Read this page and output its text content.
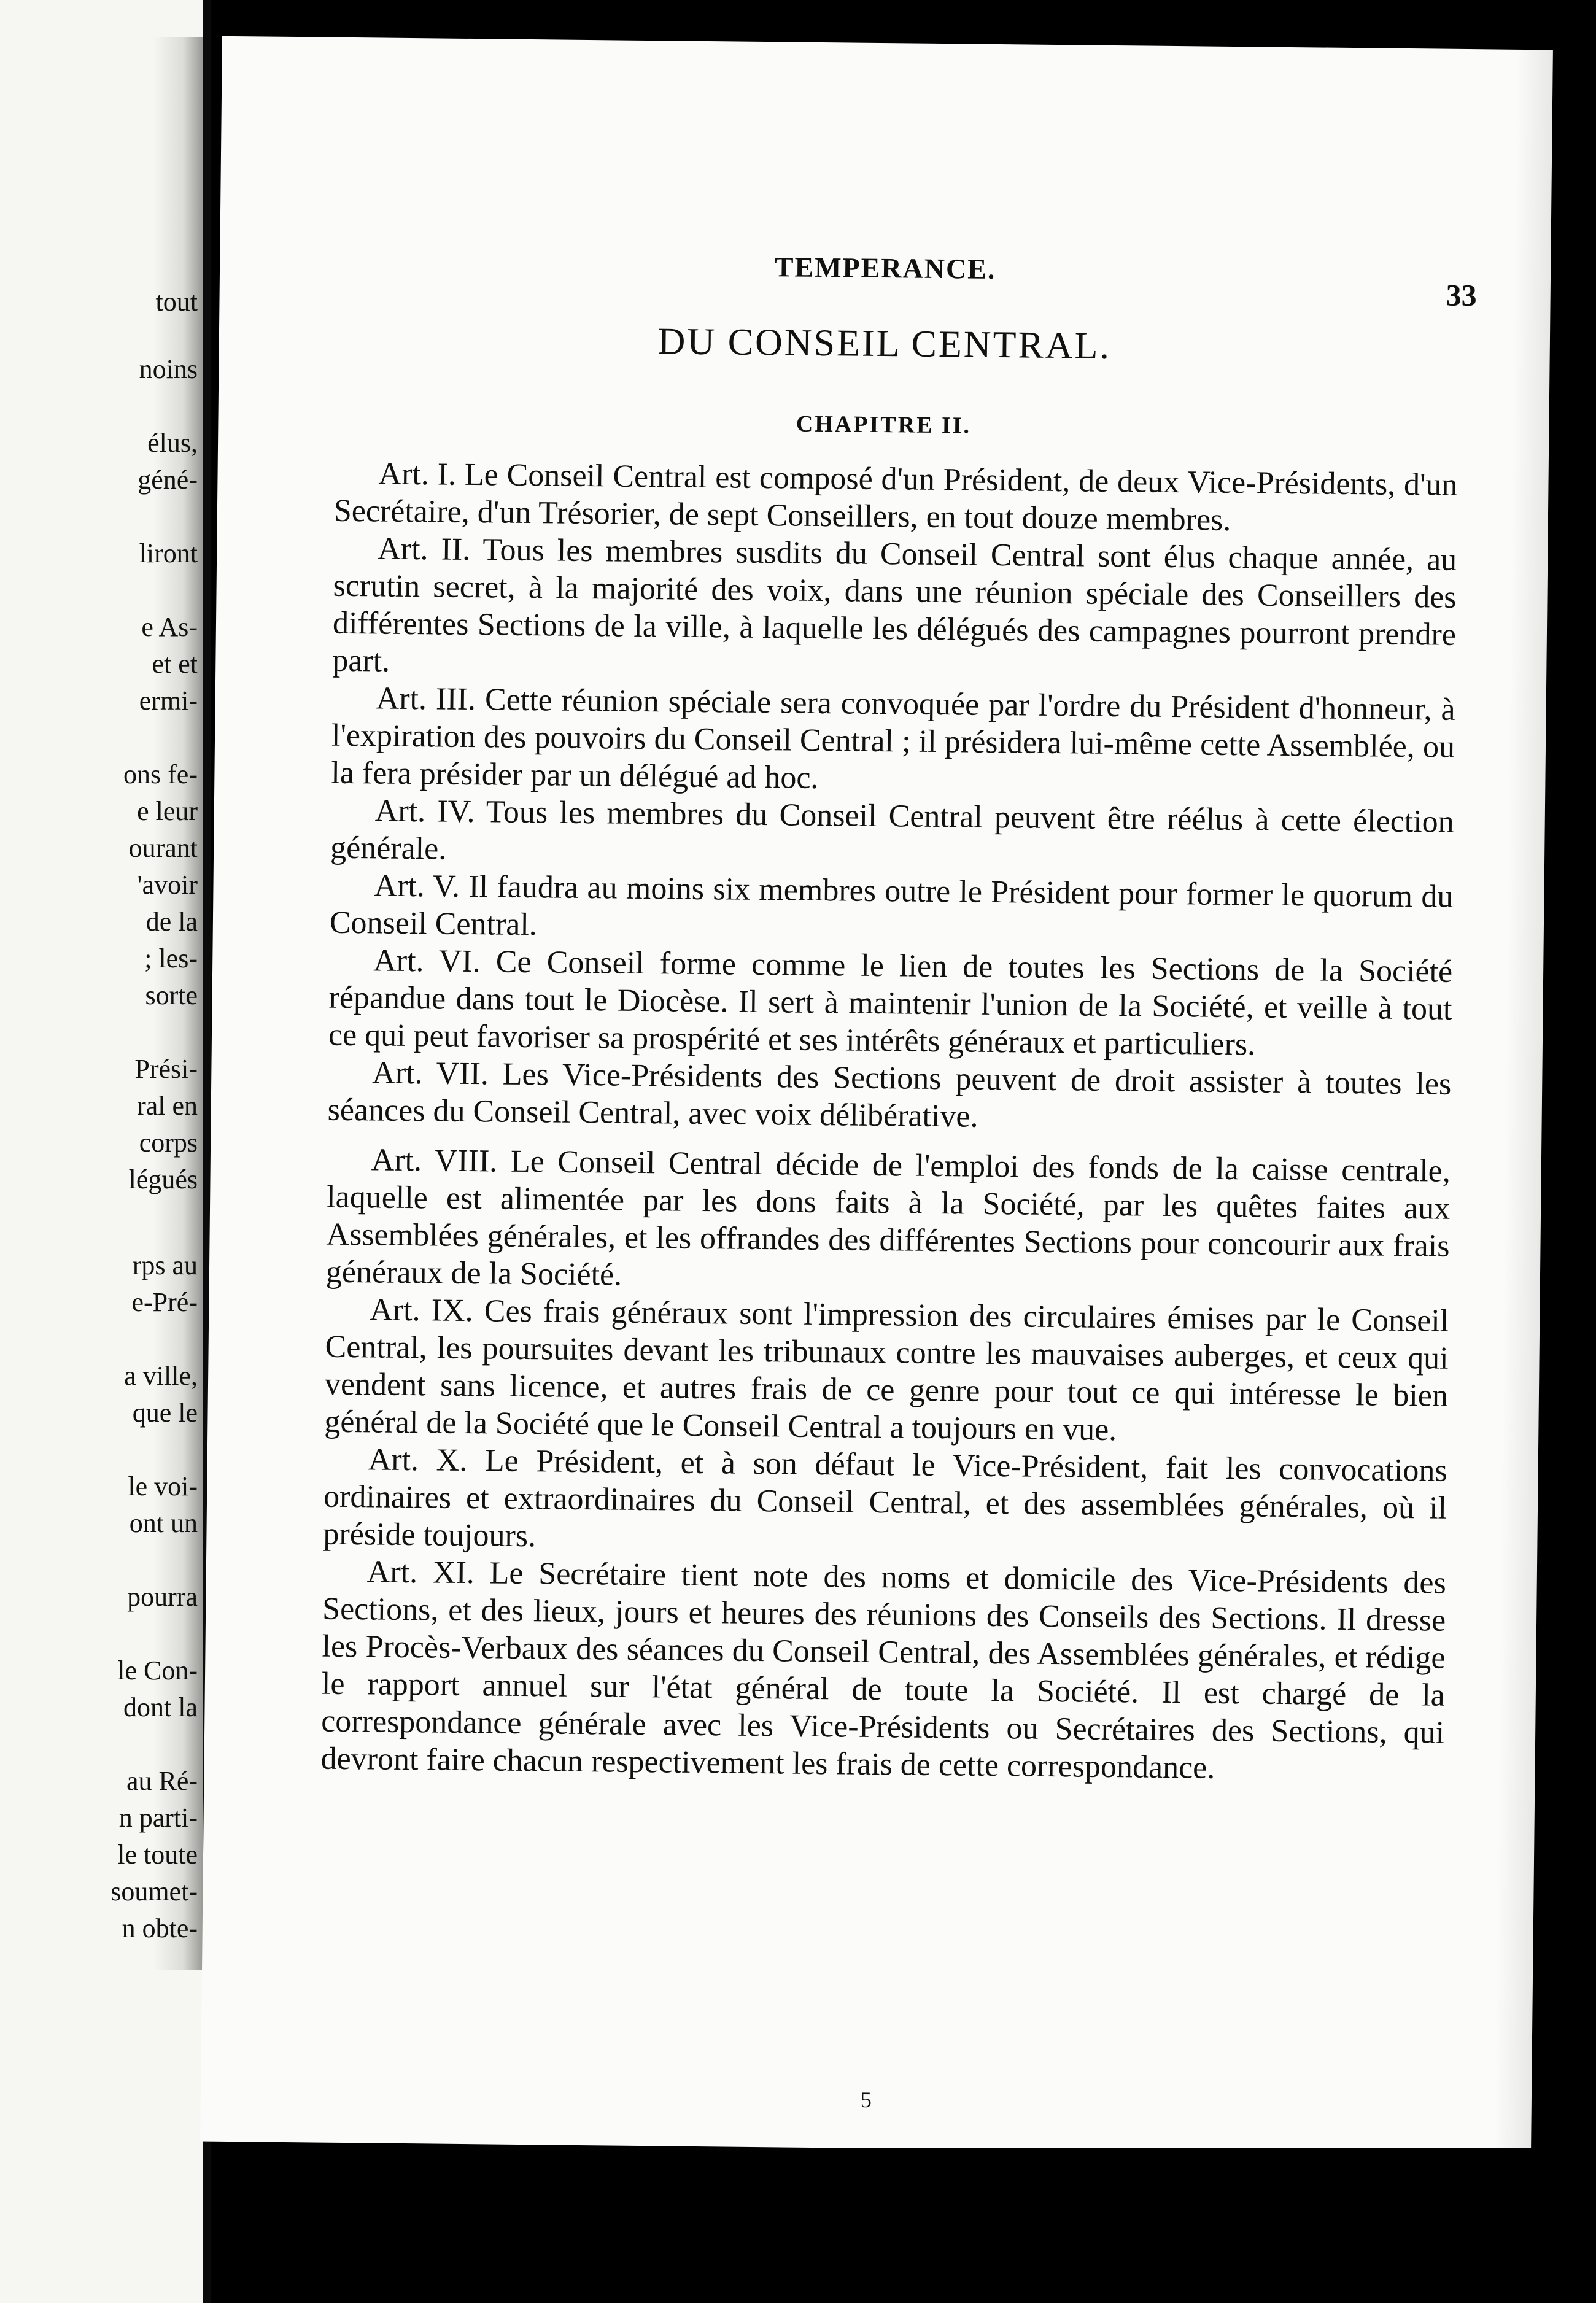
tout
noins
élus,
géné-
liront
e As-
et et
ermi-
ons fe-
e leur
ourant
'avoir
de la
; les-
sorte
Prési-
ral en
corps
légués
rps au
e-Pré-
a ville,
que le
le voi-
ont un
pourra
le Con-
dont la
au Ré-
n parti-
le toute
soumet-
n obte-
TEMPERANCE.
33
DU CONSEIL CENTRAL.
CHAPITRE II.

Art. I. Le Conseil Central est composé d'un Président, de deux Vice-Présidents, d'un Secrétaire, d'un Trésorier, de sept Conseillers, en tout douze membres.

Art. II. Tous les membres susdits du Conseil Central sont élus chaque année, au scrutin secret, à la majorité des voix, dans une réunion spéciale des Conseillers des différentes Sections de la ville, à laquelle les délégués des campagnes pourront prendre part.

Art. III. Cette réunion spéciale sera convoquée par l'ordre du Président d'honneur, à l'expiration des pouvoirs du Conseil Central ; il présidera lui-même cette Assemblée, ou la fera présider par un délégué ad hoc.

Art. IV. Tous les membres du Conseil Central peuvent être réélus à cette élection générale.

Art. V. Il faudra au moins six membres outre le Président pour former le quorum du Conseil Central.

Art. VI. Ce Conseil forme comme le lien de toutes les Sections de la Société répandue dans tout le Diocèse. Il sert à maintenir l'union de la Société, et veille à tout ce qui peut favoriser sa prospérité et ses intérêts généraux et particuliers.

Art. VII. Les Vice-Présidents des Sections peuvent de droit assister à toutes les séances du Conseil Central, avec voix délibérative.

Art. VIII. Le Conseil Central décide de l'emploi des fonds de la caisse centrale, laquelle est alimentée par les dons faits à la Société, par les quêtes faites aux Assemblées générales, et les offrandes des différentes Sections pour concourir aux frais généraux de la Société.

Art. IX. Ces frais généraux sont l'impression des circulaires émises par le Conseil Central, les poursuites devant les tribunaux contre les mauvaises auberges, et ceux qui vendent sans licence, et autres frais de ce genre pour tout ce qui intéresse le bien général de la Société que le Conseil Central a toujours en vue.

Art. X. Le Président, et à son défaut le Vice-Président, fait les convocations ordinaires et extraordinaires du Conseil Central, et des assemblées générales, où il préside toujours.

Art. XI. Le Secrétaire tient note des noms et domicile des Vice-Présidents des Sections, et des lieux, jours et heures des réunions des Conseils des Sections. Il dresse les Procès-Verbaux des séances du Conseil Central, des Assemblées générales, et rédige le rapport annuel sur l'état général de toute la Société. Il est chargé de la correspondance générale avec les Vice-Présidents ou Secrétaires des Sections, qui devront faire chacun respectivement les frais de cette correspondance.

5
